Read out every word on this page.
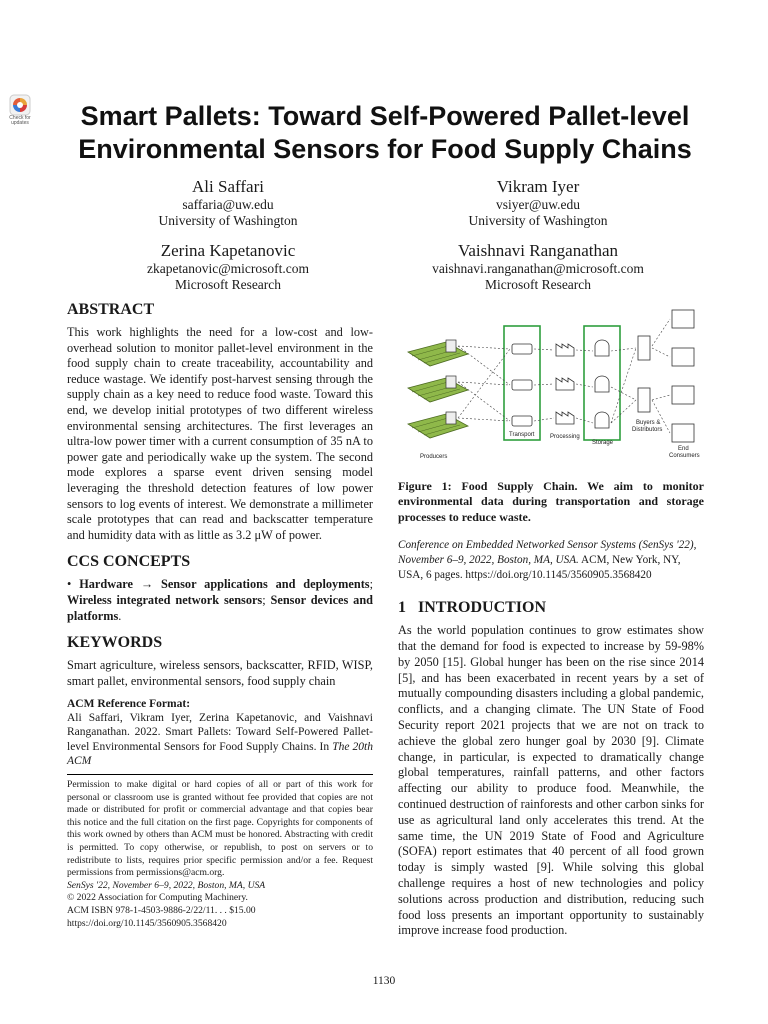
Check for updates	Smart Pallets: Toward Self-Powered Pallet-level Environmental Sensors for Food Supply Chains
Ali Saffari
saffaria@uw.edu
University of Washington
Vikram Iyer
vsiyer@uw.edu
University of Washington
Zerina Kapetanovic
zkapetanovic@microsoft.com
Microsoft Research
Vaishnavi Ranganathan
vaishnavi.ranganathan@microsoft.com
Microsoft Research
ABSTRACT

This work highlights the need for a low-cost and low-overhead solution to monitor pallet-level environment in the food supply chain to create traceability, accountability and reduce wastage. We identify post-harvest sensing through the supply chain as a key need to reduce food waste. Toward this end, we develop initial prototypes of two different wireless environmental sensing architectures. The first leverages an ultra-low power timer with a current consumption of 35 nA to power gate and periodically wake up the system. The second mode explores a sparse event driven sensing model leveraging the threshold detection features of low power sensors to log events of interest. We demonstrate a millimeter scale prototypes that can read and backscatter temperature and humidity data with as little as 3.2 μW of power.

CCS CONCEPTS

• Hardware → Sensor applications and deployments; Wireless integrated network sensors; Sensor devices and platforms.

KEYWORDS

Smart agriculture, wireless sensors, backscatter, RFID, WISP, smart pallet, environmental sensors, food supply chain

ACM Reference Format:

Ali Saffari, Vikram Iyer, Zerina Kapetanovic, and Vaishnavi Ranganathan. 2022. Smart Pallets: Toward Self-Powered Pallet-level Environmental Sensors for Food Supply Chains. In The 20th ACM

Permission to make digital or hard copies of all or part of this work for personal or classroom use is granted without fee provided that copies are not made or distributed for profit or commercial advantage and that copies bear this notice and the full citation on the first page. Copyrights for components of this work owned by others than ACM must be honored. Abstracting with credit is permitted. To copy otherwise, or republish, to post on servers or to redistribute to lists, requires prior specific permission and/or a fee. Request permissions from permissions@acm.org.

SenSys '22, November 6–9, 2022, Boston, MA, USA

© 2022 Association for Computing Machinery.

ACM ISBN 978-1-4503-9886-2/22/11. . . $15.00

https://doi.org/10.1145/3560905.3568420

Producers
Transport	Processing
Storage
Buyers &
Distributors
End
Consumers

Figure 1: Food Supply Chain. We aim to monitor environmental data during transportation and storage processes to reduce waste.

Conference on Embedded Networked Sensor Systems (SenSys '22), November 6–9, 2022, Boston, MA, USA. ACM, New York, NY, USA, 6 pages. https://doi.org/10.1145/3560905.3568420

1 INTRODUCTION

As the world population continues to grow estimates show that the demand for food is expected to increase by 59-98% by 2050 [15]. Global hunger has been on the rise since 2014 [5], and has been exacerbated in recent years by a set of mutually compounding disasters including a global pandemic, conflicts, and a changing climate. The UN State of Food Security report 2021 projects that we are not on track to achieve the global zero hunger goal by 2030 [9]. Climate change, in particular, is expected to dramatically change global temperatures, rainfall patterns, and other factors affecting our ability to produce food. Meanwhile, the continued destruction of rainforests and other carbon sinks for use as agricultural land only accelerates this trend. At the same time, the UN 2019 State of Food and Agriculture (SOFA) report estimates that 40 percent of all food grown today is simply wasted [9]. While solving this global challenge requires a host of new technologies and policy solutions across production and distribution, reducing such food loss presents an important opportunity to sustainably improve increase food production.

1130
